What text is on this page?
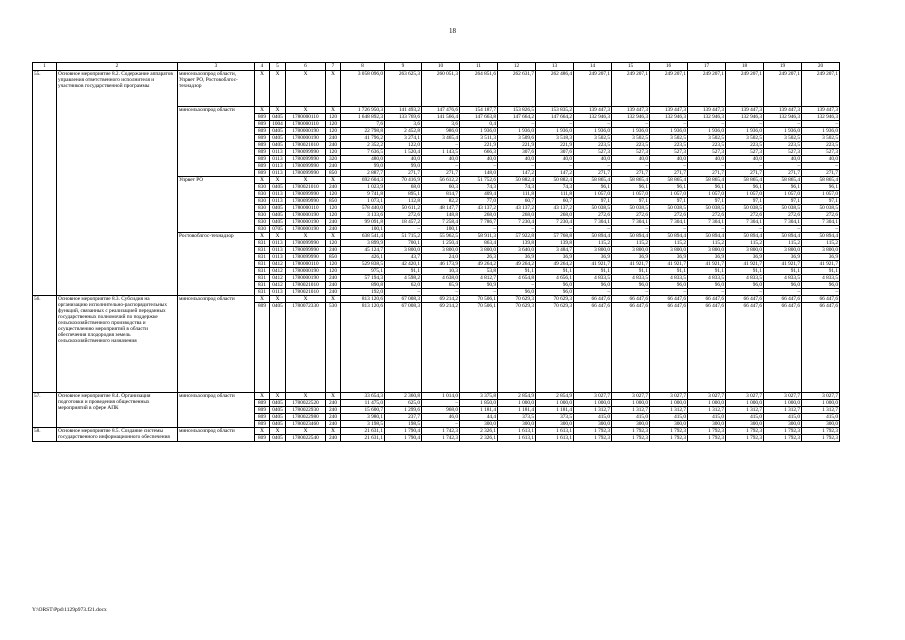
18
1	2	3	4	5	6	7	8	9	10	11	12	13	14	15	16	17	18	19	20
55.	Основное мероприятие 8.2. Содержание аппаратов управления ответственного исполнителя и участников государственной программы	минсельхозпрод области, Упрвет РО, Ростовоблгос-технадзор	X	X	X	X	3 058 096,0	263 625,3	260 051,3	264 851,6	262 631,7	262 486,4	249 207,1	249 207,1	249 207,1	249 207,1	249 207,1	249 207,1	249 207,1
		минсельхозпрод области	X	X	X	X	1 726 950,3	141 493,2	147 476,6	154 187,7	153 826,5	153 835,2	139 447,3	139 447,3	139 447,3	139 447,3	139 447,3	139 447,3	139 447,3
			809	0405	1780000110	120	1 648 892,3	133 769,6	141 566,4	147 663,8	147 664,2	147 664,2	132 946,3	132 946,3	132 946,3	132 946,3	132 946,3	132 946,3	132 946,3
			809	1004	1780000110	120	7,6	3,6	3,6	0,4	–	–	–	–	–	–	–	–	–
			809	0405	1780000190	120	22 798,8	2 452,8	986,0	1 936,0	1 936,0	1 936,0	1 936,0	1 936,0	1 936,0	1 936,0	1 936,0	1 936,0	1 936,0
			809	0405	1780000190	240	41 796,2	3 274,1	3 465,4	3 511,3	3 509,6	3 518,3	3 502,5	3 502,5	3 502,5	3 502,5	3 502,5	3 502,5	3 502,5
			809	0405	1780021010	240	2 352,2	122,0	–	221,9	221,9	221,9	223,5	223,5	223,5	223,5	223,5	223,5	223,5
			809	0113	1780099990	120	7 636,5	1 520,4	1 143,5	666,3	307,6	307,6	527,3	527,3	527,3	527,3	527,3	527,3	527,3
			809	0113	1780099990	320	480,0	40,0	40,0	40,0	40,0	40,0	40,0	40,0	40,0	40,0	40,0	40,0	40,0
			809	0113	1780099990	240	99,0	99,0	–	–	–	–	–	–	–	–	–	–	–
			809	0113	1780099990	850	2 887,7	271,7	271,7	148,0	147,2	147,2	271,7	271,7	271,7	271,7	271,7	271,7	271,7
		Упрвет РО	X	X	X	X	692 604,3	70 416,9	56 612,2	51 752,6	50 882,4	50 882,4	58 865,4	58 865,4	58 865,4	58 865,4	58 865,4	58 865,4	58 865,4
			830	0405	1780021010	240	1 023,9	68,0	60,3	74,3	74,3	74,3	96,1	96,1	96,1	96,1	96,1	96,1	96,1
			830	0113	1780099990	120	9 741,8	895,1	814,7	409,4	111,8	111,8	1 057,0	1 057,0	1 057,0	1 057,0	1 057,0	1 057,0	1 057,0
			830	0113	1780099990	850	1 073,1	112,8	82,2	77,0	60,7	60,7	97,1	97,1	97,1	97,1	97,1	97,1	97,1
			830	0405	1780000110	120	578 440,0	50 611,2	48 147,7	43 137,2	43 137,2	43 137,2	50 038,5	50 038,5	50 038,5	50 038,5	50 038,5	50 038,5	50 038,5
			830	0405	1780000190	120	3 133,6	272,6	148,8	268,0	268,0	268,0	272,6	272,6	272,6	272,6	272,6	272,6	272,6
			830	0405	1780000190	240	99 091,8	18 457,2	7 258,4	7 786,7	7 230,4	7 230,4	7 304,1	7 304,1	7 304,1	7 304,1	7 304,1	7 304,1	7 304,1
			830	0705	1780000190	240	100,1	–	100,1	–	–	–	–	–	–	–	–	–	–
		Ростовоблгос-технадзор	X	X	X	X	638 541,4	51 715,2	55 962,5	58 911,3	57 922,8	57 768,8	50 894,4	50 894,4	50 894,4	50 894,4	50 894,4	50 894,4	50 894,4
			831	0113	1780099990	120	3 899,9	700,1	1 250,4	863,4	139,8	139,8	115,2	115,2	115,2	115,2	115,2	115,2	115,2
			831	0113	1780099990	240	45 124,7	3 800,0	3 800,0	3 800,0	3 640,0	3 484,7	3 800,0	3 800,0	3 800,0	3 800,0	3 800,0	3 800,0	3 800,0
			831	0113	1780099990	850	426,1	43,7	24,0	26,3	36,9	36,9	36,9	36,9	36,9	36,9	36,9	36,9	36,9
			831	0412	1780000110	120	529 838,5	42 420,1	46 173,9	49 264,2	49 264,2	49 264,2	41 921,7	41 921,7	41 921,7	41 921,7	41 921,7	41 921,7	41 921,7
			831	0412	1780000190	120	975,1	91,1	10,3	53,8	91,1	91,1	91,1	91,1	91,1	91,1	91,1	91,1	91,1
			831	0412	1780000190	240	57 194,3	4 598,2	4 638,0	4 812,7	4 654,8	4 656,1	4 833,5	4 833,5	4 833,5	4 833,5	4 833,5	4 833,5	4 833,5
			831	0412	1780021010	240	890,8	62,0	65,9	90,9	–	96,0	96,0	96,0	96,0	96,0	96,0	96,0	96,0
			831	0113	1780021010	240	192,0	–	–	–	96,0	96,0	–	–	–	–	–	–	–
56.	Основное мероприятие 8.3. Субсидия на организацию исполнительно-распорядительных функций, связанных с реализацией переданных государственных полномочий по поддержке сельскохозяйственного производства и осуществлению мероприятий в области обеспечения плодородия земель сельскохозяйственного назначения	минсельхозпрод области	X	X	X	X	813 120,6	67 008,3	69 214,2	70 506,1	70 629,3	70 629,3	66 447,6	66 447,6	66 447,6	66 447,6	66 447,6	66 447,6	66 447,6
			809	0405	1780072330	530	813 120,6	67 008,3	69 214,2	70 506,1	70 629,3	70 629,3	66 447,6	66 447,6	66 447,6	66 447,6	66 447,6	66 447,6	66 447,6
57.	Основное мероприятие 8.4. Организация подготовки и проведения общественных мероприятий в сфере АПК	минсельхозпрод области	X	X	X	X	33 654,3	2 360,8	1 014,0	3 375,8	2 854,9	2 854,9	3 027,7	3 027,7	3 027,7	3 027,7	3 027,7	3 027,7	3 027,7
			809	0405	1780022520	240	11 475,0	625,0	–	1 850,0	1 000,0	1 000,0	1 000,0	1 000,0	1 000,0	1 000,0	1 000,0	1 000,0	1 000,0
			809	0405	1780022930	240	15 600,7	1 299,6	968,0	1 181,4	1 181,4	1 181,4	1 312,7	1 312,7	1 312,7	1 312,7	1 312,7	1 312,7	1 312,7
			809	0405	1780022980	240	3 980,1	237,7	46,0	44,4	373,5	373,5	415,0	415,0	415,0	415,0	415,0	415,0	415,0
			809	0405	1780023460	240	3 198,5	198,5	–	300,0	300,0	300,0	300,0	300,0	300,0	300,0	300,0	300,0	300,0
58.	Основное мероприятие 8.5. Создание системы государственного информационного обеспечения	минсельхозпрод области	X	X	X	X	21 631,1	1 790,4	1 742,3	2 326,1	1 613,1	1 613,1	1 792,3	1 792,3	1 792,3	1 792,3	1 792,3	1 792,3	1 792,3
			809	0405	1780022540	240	21 631,1	1 790,4	1 742,3	2 326,1	1 613,1	1 613,1	1 792,3	1 792,3	1 792,3	1 792,3	1 792,3	1 792,3	1 792,3
Y:\ORST\Ppd\1129p973.f21.docx
